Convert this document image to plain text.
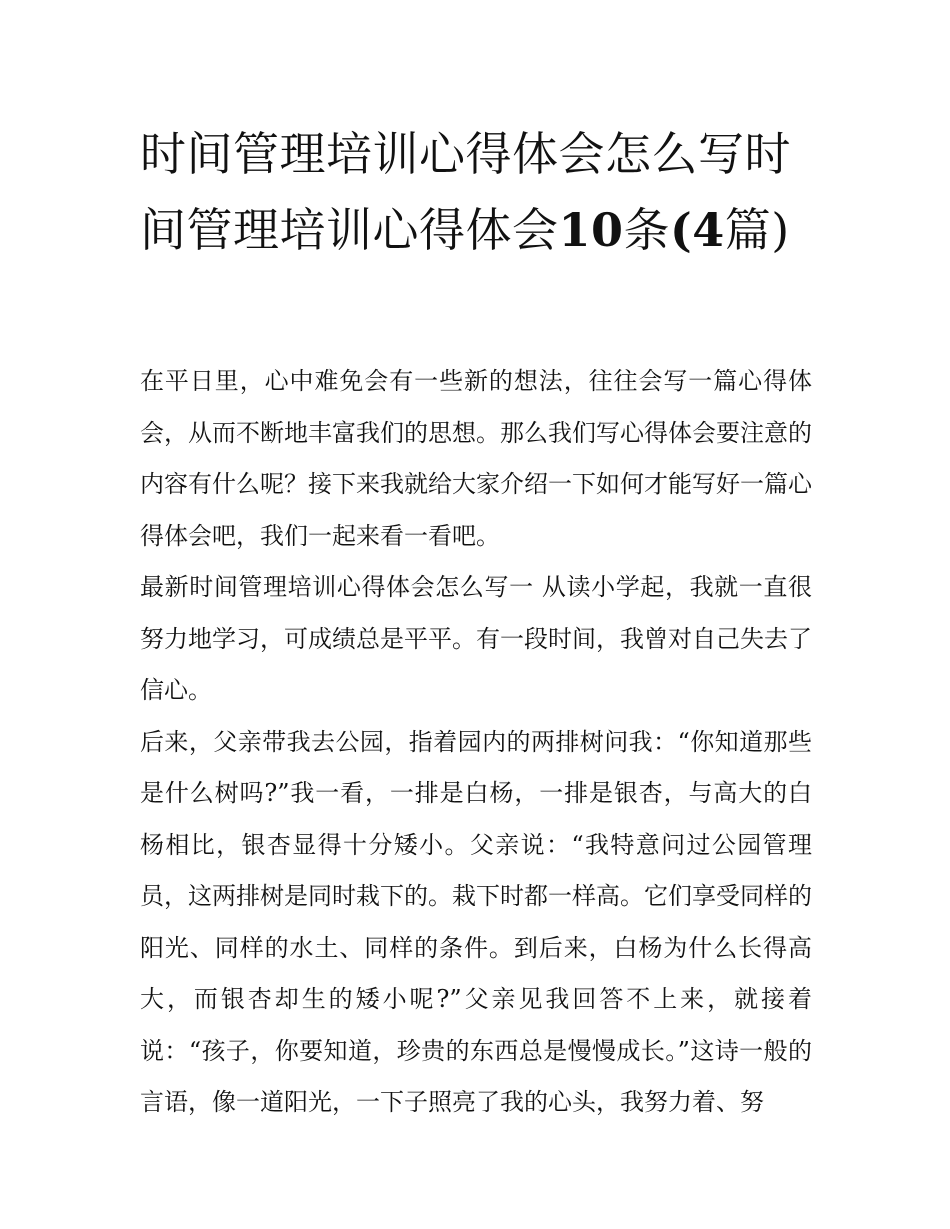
时间管理培训心得体会怎么写时间管理培训心得体会10条(4篇)

在平日里，心中难免会有一些新的想法，往往会写一篇心得体会，从而不断地丰富我们的思想。那么我们写心得体会要注意的内容有什么呢？接下来我就给大家介绍一下如何才能写好一篇心得体会吧，我们一起来看一看吧。

最新时间管理培训心得体会怎么写一 从读小学起，我就一直很努力地学习，可成绩总是平平。有一段时间，我曾对自己失去了信心。

后来，父亲带我去公园，指着园内的两排树问我：“你知道那些是什么树吗?”我一看，一排是白杨，一排是银杏，与高大的白杨相比，银杏显得十分矮小。父亲说：“我特意问过公园管理员，这两排树是同时栽下的。栽下时都一样高。它们享受同样的阳光、同样的水土、同样的条件。到后来，白杨为什么长得高大，而银杏却生的矮小呢?”父亲见我回答不上来，就接着说：“孩子，你要知道，珍贵的东西总是慢慢成长。”这诗一般的言语，像一道阳光，一下子照亮了我的心头，我努力着、努
